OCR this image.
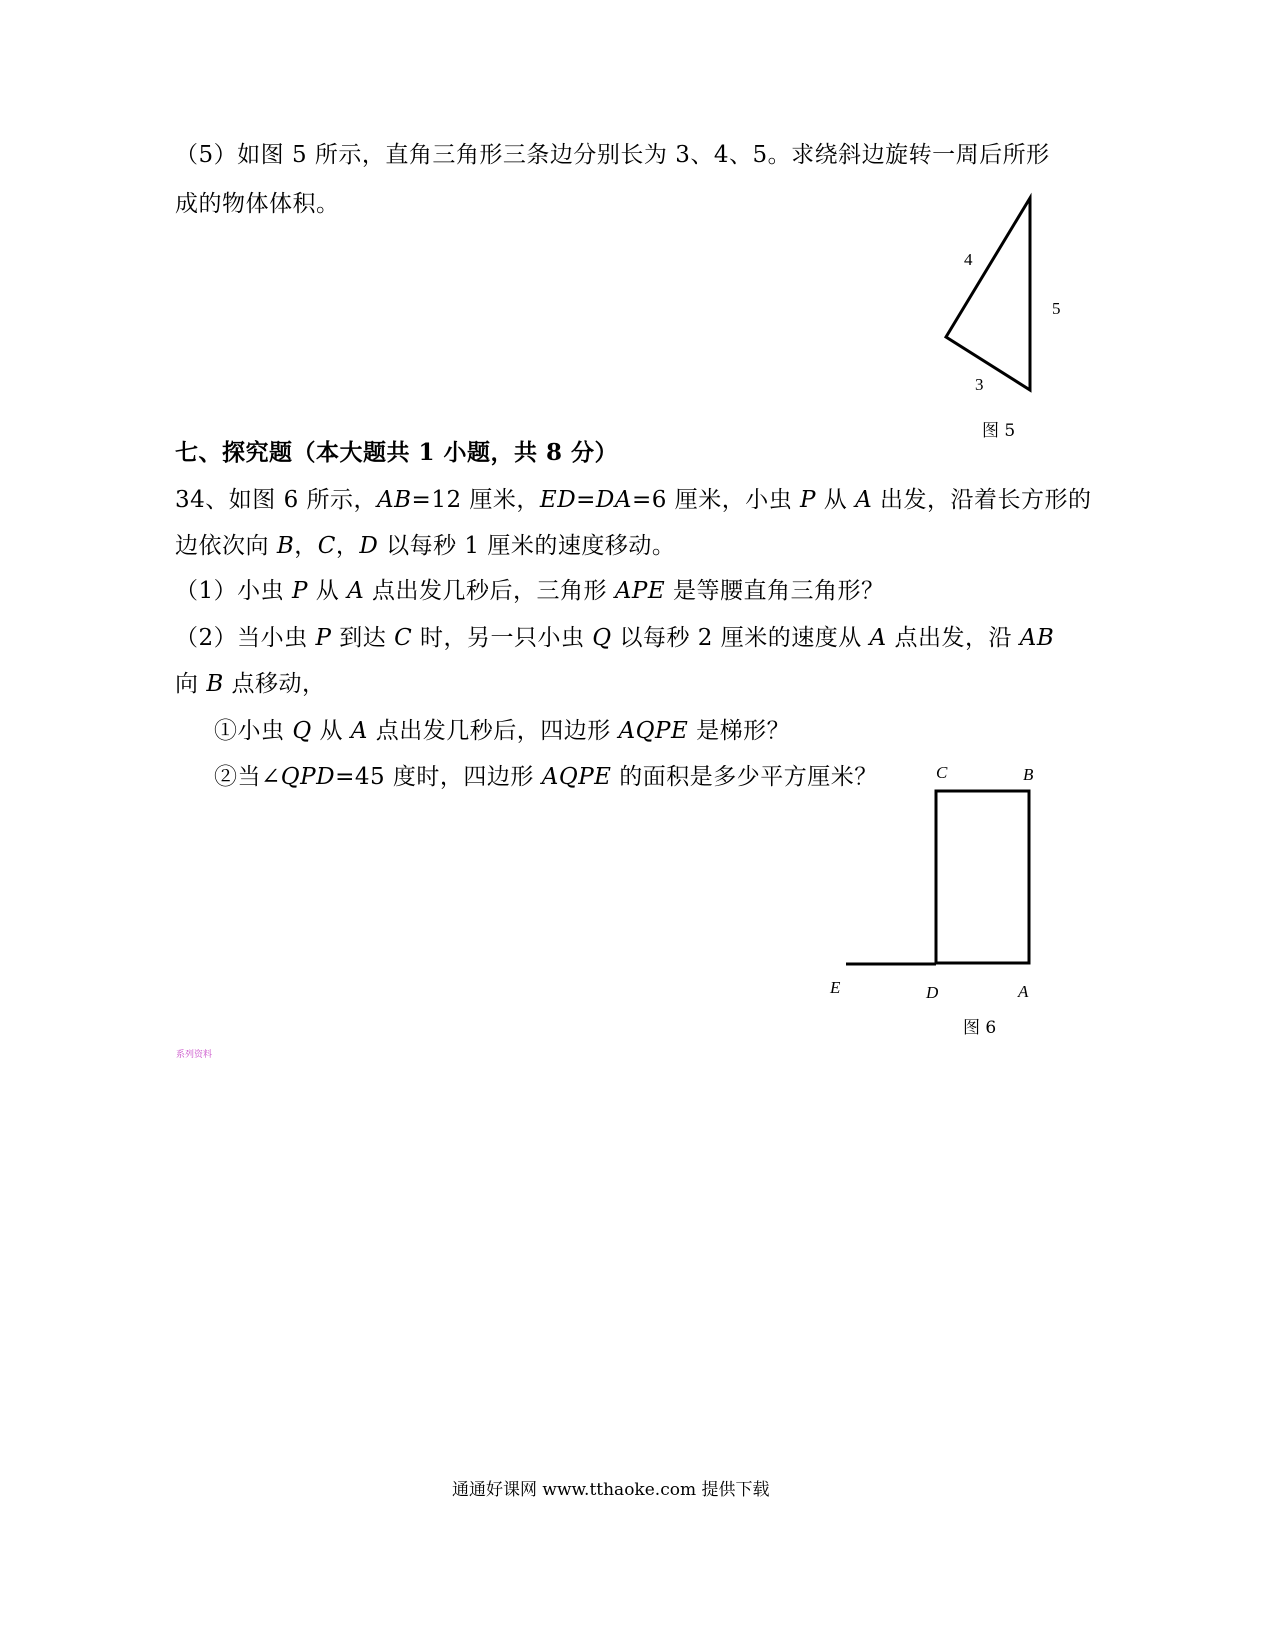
（5）如图 5 所示，直角三角形三条边分别长为 3、4、5。求绕斜边旋转一周后所形
成的物体体积。
4
5
3
图 5
七、探究题（本大题共 1 小题，共 8 分）
34、如图 6 所示，AB=12 厘米，ED=DA=6 厘米，小虫 P 从 A 出发，沿着长方形的
边依次向 B，C，D 以每秒 1 厘米的速度移动。
（1）小虫 P 从 A 点出发几秒后，三角形 APE 是等腰直角三角形？
（2）当小虫 P 到达 C 时，另一只小虫 Q 以每秒 2 厘米的速度从 A 点出发，沿 AB
向 B 点移动，
①小虫 Q 从 A 点出发几秒后，四边形 AQPE 是梯形？
②当∠QPD=45 度时，四边形 AQPE 的面积是多少平方厘米？	C	B
E	D	A
图 6
系列资料
通通好课网 www.tthaoke.com 提供下载
